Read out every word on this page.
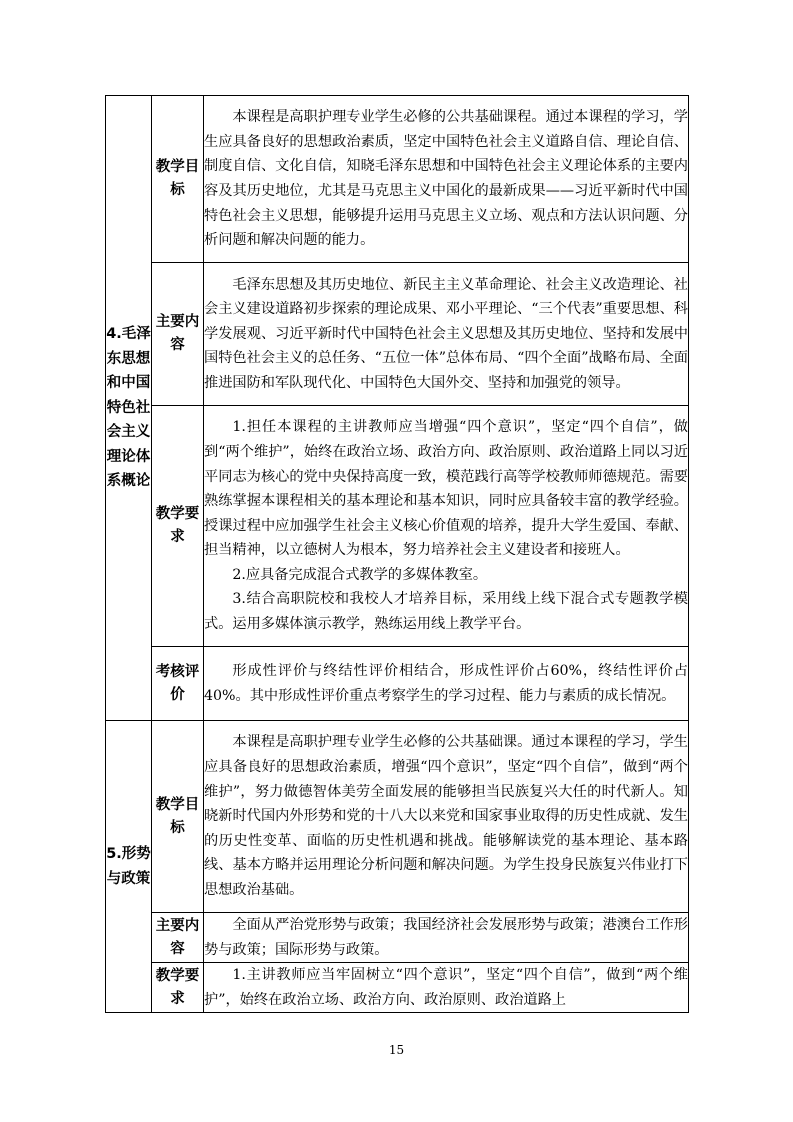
4.毛泽东思想和中国特色社会主义理论体系概论	教学目标	本课程是高职护理专业学生必修的公共基础课程。通过本课程的学习，学生应具备良好的思想政治素质，坚定中国特色社会主义道路自信、理论自信、制度自信、文化自信，知晓毛泽东思想和中国特色社会主义理论体系的主要内容及其历史地位，尤其是马克思主义中国化的最新成果——习近平新时代中国特色社会主义思想，能够提升运用马克思主义立场、观点和方法认识问题、分析问题和解决问题的能力。

	主要内容	毛泽东思想及其历史地位、新民主主义革命理论、社会主义改造理论、社会主义建设道路初步探索的理论成果、邓小平理论、“三个代表”重要思想、科学发展观、习近平新时代中国特色社会主义思想及其历史地位、坚持和发展中国特色社会主义的总任务、“五位一体”总体布局、“四个全面”战略布局、全面推进国防和军队现代化、中国特色大国外交、坚持和加强党的领导。

	教学要求	1.担任本课程的主讲教师应当增强“四个意识”，坚定“四个自信”，做到“两个维护”，始终在政治立场、政治方向、政治原则、政治道路上同以习近平同志为核心的党中央保持高度一致，模范践行高等学校教师师德规范。需要熟练掌握本课程相关的基本理论和基本知识，同时应具备较丰富的教学经验。授课过程中应加强学生社会主义核心价值观的培养，提升大学生爱国、奉献、担当精神，以立德树人为根本，努力培养社会主义建设者和接班人。

2.应具备完成混合式教学的多媒体教室。

3.结合高职院校和我校人才培养目标，采用线上线下混合式专题教学模式。运用多媒体演示教学，熟练运用线上教学平台。

	考核评价	形成性评价与终结性评价相结合，形成性评价占60%，终结性评价占40%。其中形成性评价重点考察学生的学习过程、能力与素质的成长情况。

5.形势与政策	教学目标	本课程是高职护理专业学生必修的公共基础课。通过本课程的学习，学生应具备良好的思想政治素质，增强“四个意识”，坚定“四个自信”，做到“两个维护”，努力做德智体美劳全面发展的能够担当民族复兴大任的时代新人。知晓新时代国内外形势和党的十八大以来党和国家事业取得的历史性成就、发生的历史性变革、面临的历史性机遇和挑战。能够解读党的基本理论、基本路线、基本方略并运用理论分析问题和解决问题。为学生投身民族复兴伟业打下思想政治基础。

	主要内容	全面从严治党形势与政策；我国经济社会发展形势与政策；港澳台工作形势与政策；国际形势与政策。

	教学要求	1.主讲教师应当牢固树立“四个意识”，坚定“四个自信”，做到“两个维护”，始终在政治立场、政治方向、政治原则、政治道路上

15
